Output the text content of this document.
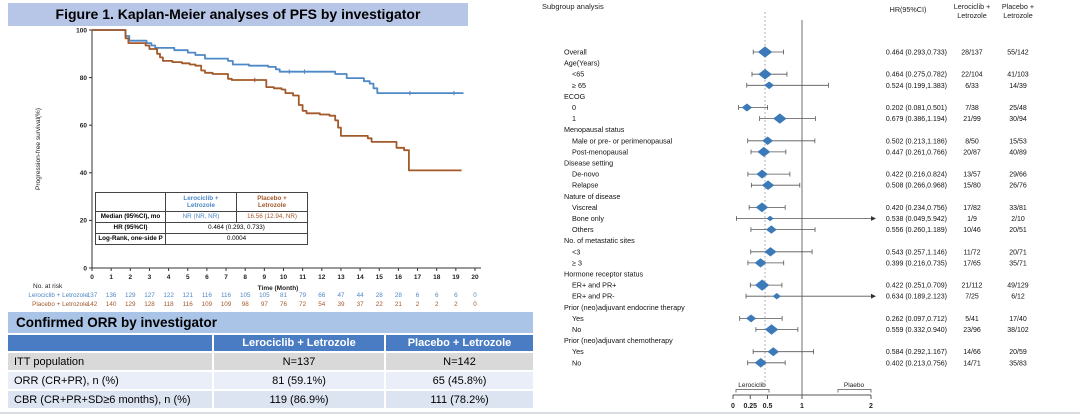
0
20
40
60
80
100
0 1 2 3 4 5 6 7 8 9 10 11 12 13 14 15 16 17 18 19 20
Progression-free survival(%)
Time (Month)
No. at risk
Lerociclib + Letrozole
137 136 129 127 122 121 116 116 105 105 81 79 66 47 44 28 28 6 6 6 0
Placebo + Letrozole
142 140 129 128 118 116 109 109 98 97 76 72 54 39 37 22 21 2 2 2 0
Figure 1. Kaplan-Meier analyses of PFS by investigator

Lerociclib +
Letrozole

Placebo +
Letrozole

Median (95%CI), mo	NR (NR, NR)	16.56 (12.94, NR)
HR (95%CI)	0.464 (0.293, 0.733)	
Log-Rank, one-side P	0.0004	
Confirmed ORR by investigator
Lerociclib + Letrozole	Placebo + Letrozole
ITT population	N=137	N=142
ORR (CR+PR), n (%)	81 (59.1%)	65 (45.8%)
CBR (CR+PR+SD≥6 months), n (%)	119 (86.9%)	111 (78.2%)
Subgroup analysis	HR(95%CI)	Lerociclib +
Letrozole
Placebo +
Letrozole
Overall	0.464 (0.293,0.733) 28/137	55/142
Age(Years)
<65	0.464 (0.275,0.782) 22/104	41/103
≥ 65	0.524 (0.199,1.383)	6/33	14/39
ECOG
0	0.202 (0.081,0.501)	7/38	25/48
1	0.679 (0.386,1.194) 21/99	30/94
Menopausal status
Male or pre- or perimenopausal	0.502 (0.213,1.186)	8/50	15/53
Post-menopausal	0.447 (0.261,0.766) 20/87	40/89
Disease setting
De-novo	0.422 (0.216,0.824) 13/57	29/66
Relapse	0.508 (0.266,0.968) 15/80	26/76
Nature of disease
Viscreal	0.420 (0.234,0.756) 17/82	33/81
Bone only	0.538 (0.049,5.942)	1/9	2/10
Others	0.556 (0.260,1.189) 10/46	20/51
No. of metastatic sites
<3	0.543 (0.257,1.146) 11/72	20/71
≥ 3	0.399 (0.216,0.735) 17/65	35/71
Hormone receptor status
ER+ and PR+	0.422 (0.251,0.709) 21/112	49/129
ER+ and PR-	0.634 (0.189,2.123)	7/25	6/12
Prior (neo)adjuvant endocrine therapy
Yes	0.262 (0.097,0.712)	5/41	17/40
No	0.559 (0.332,0.940) 23/96	38/102
Prior (neo)adjuvant chemotherapy
Yes	0.584 (0.292,1.167) 14/66	20/59
No	0.402 (0.213,0.756) 14/71	35/83
0 0.25 0.5	1	2
Lerociclib	Plaebo
